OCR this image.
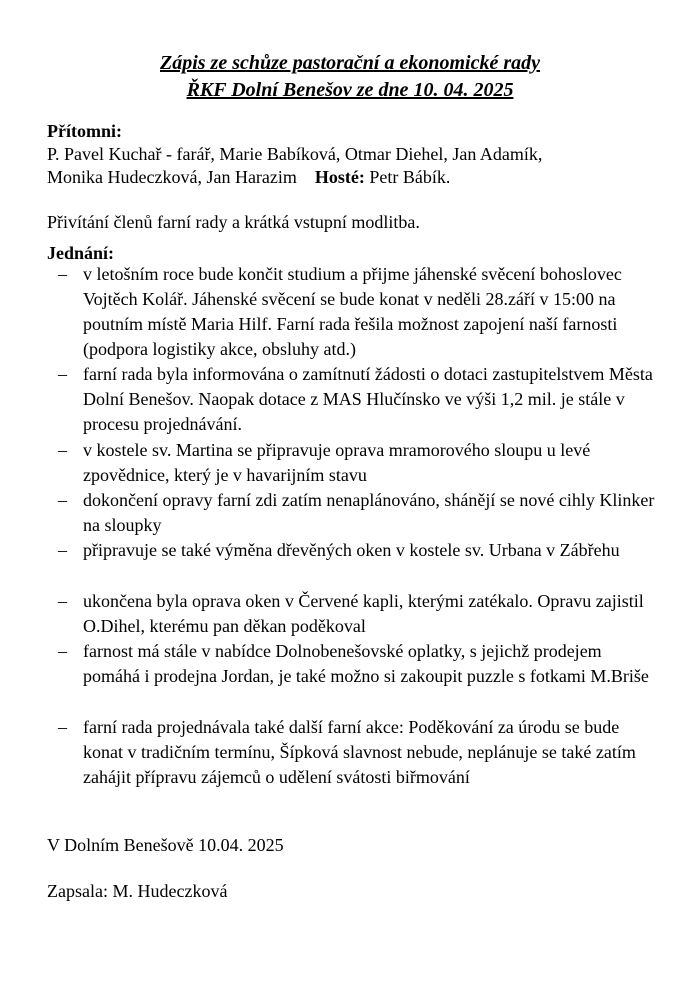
Zápis ze schůze pastorační a ekonomické rady

ŘKF Dolní Benešov ze dne 10. 04. 2025

Přítomni:

P. Pavel Kuchař - farář, Marie Babíková, Otmar Diehel, Jan Adamík,

Monika Hudeczková, Jan Harazim Hosté: Petr Bábík.

Přivítání členů farní rady a krátká vstupní modlitba.

Jednání:

– v letošním roce bude končit studium a přijme jáhenské svěcení bohoslovec Vojtěch Kolář. Jáhenské svěcení se bude konat v neděli 28.září v 15:00 na poutním místě Maria Hilf. Farní rada řešila možnost zapojení naší farnosti (podpora logistiky akce, obsluhy atd.)
– farní rada byla informována o zamítnutí žádosti o dotaci zastupitelstvem Města Dolní Benešov. Naopak dotace z MAS Hlučínsko ve výši 1,2 mil. je stále v procesu projednávání.
– v kostele sv. Martina se připravuje oprava mramorového sloupu u levé zpovědnice, který je v havarijním stavu
– dokončení opravy farní zdi zatím nenaplánováno, shánějí se nové cihly Klinker na sloupky
– připravuje se také výměna dřevěných oken v kostele sv. Urbana v Zábřehu
– ukončena byla oprava oken v Červené kapli, kterými zatékalo. Opravu zajistil O.Dihel, kterému pan děkan poděkoval
– farnost má stále v nabídce Dolnobenešovské oplatky, s jejichž prodejem pomáhá i prodejna Jordan, je také možno si zakoupit puzzle s fotkami M.Briše
– farní rada projednávala také další farní akce: Poděkování za úrodu se bude konat v tradičním termínu, Šípková slavnost nebude, neplánuje se také zatím zahájit přípravu zájemců o udělení svátosti biřmování

V Dolním Benešově 10.04. 2025

Zapsala: M. Hudeczková
